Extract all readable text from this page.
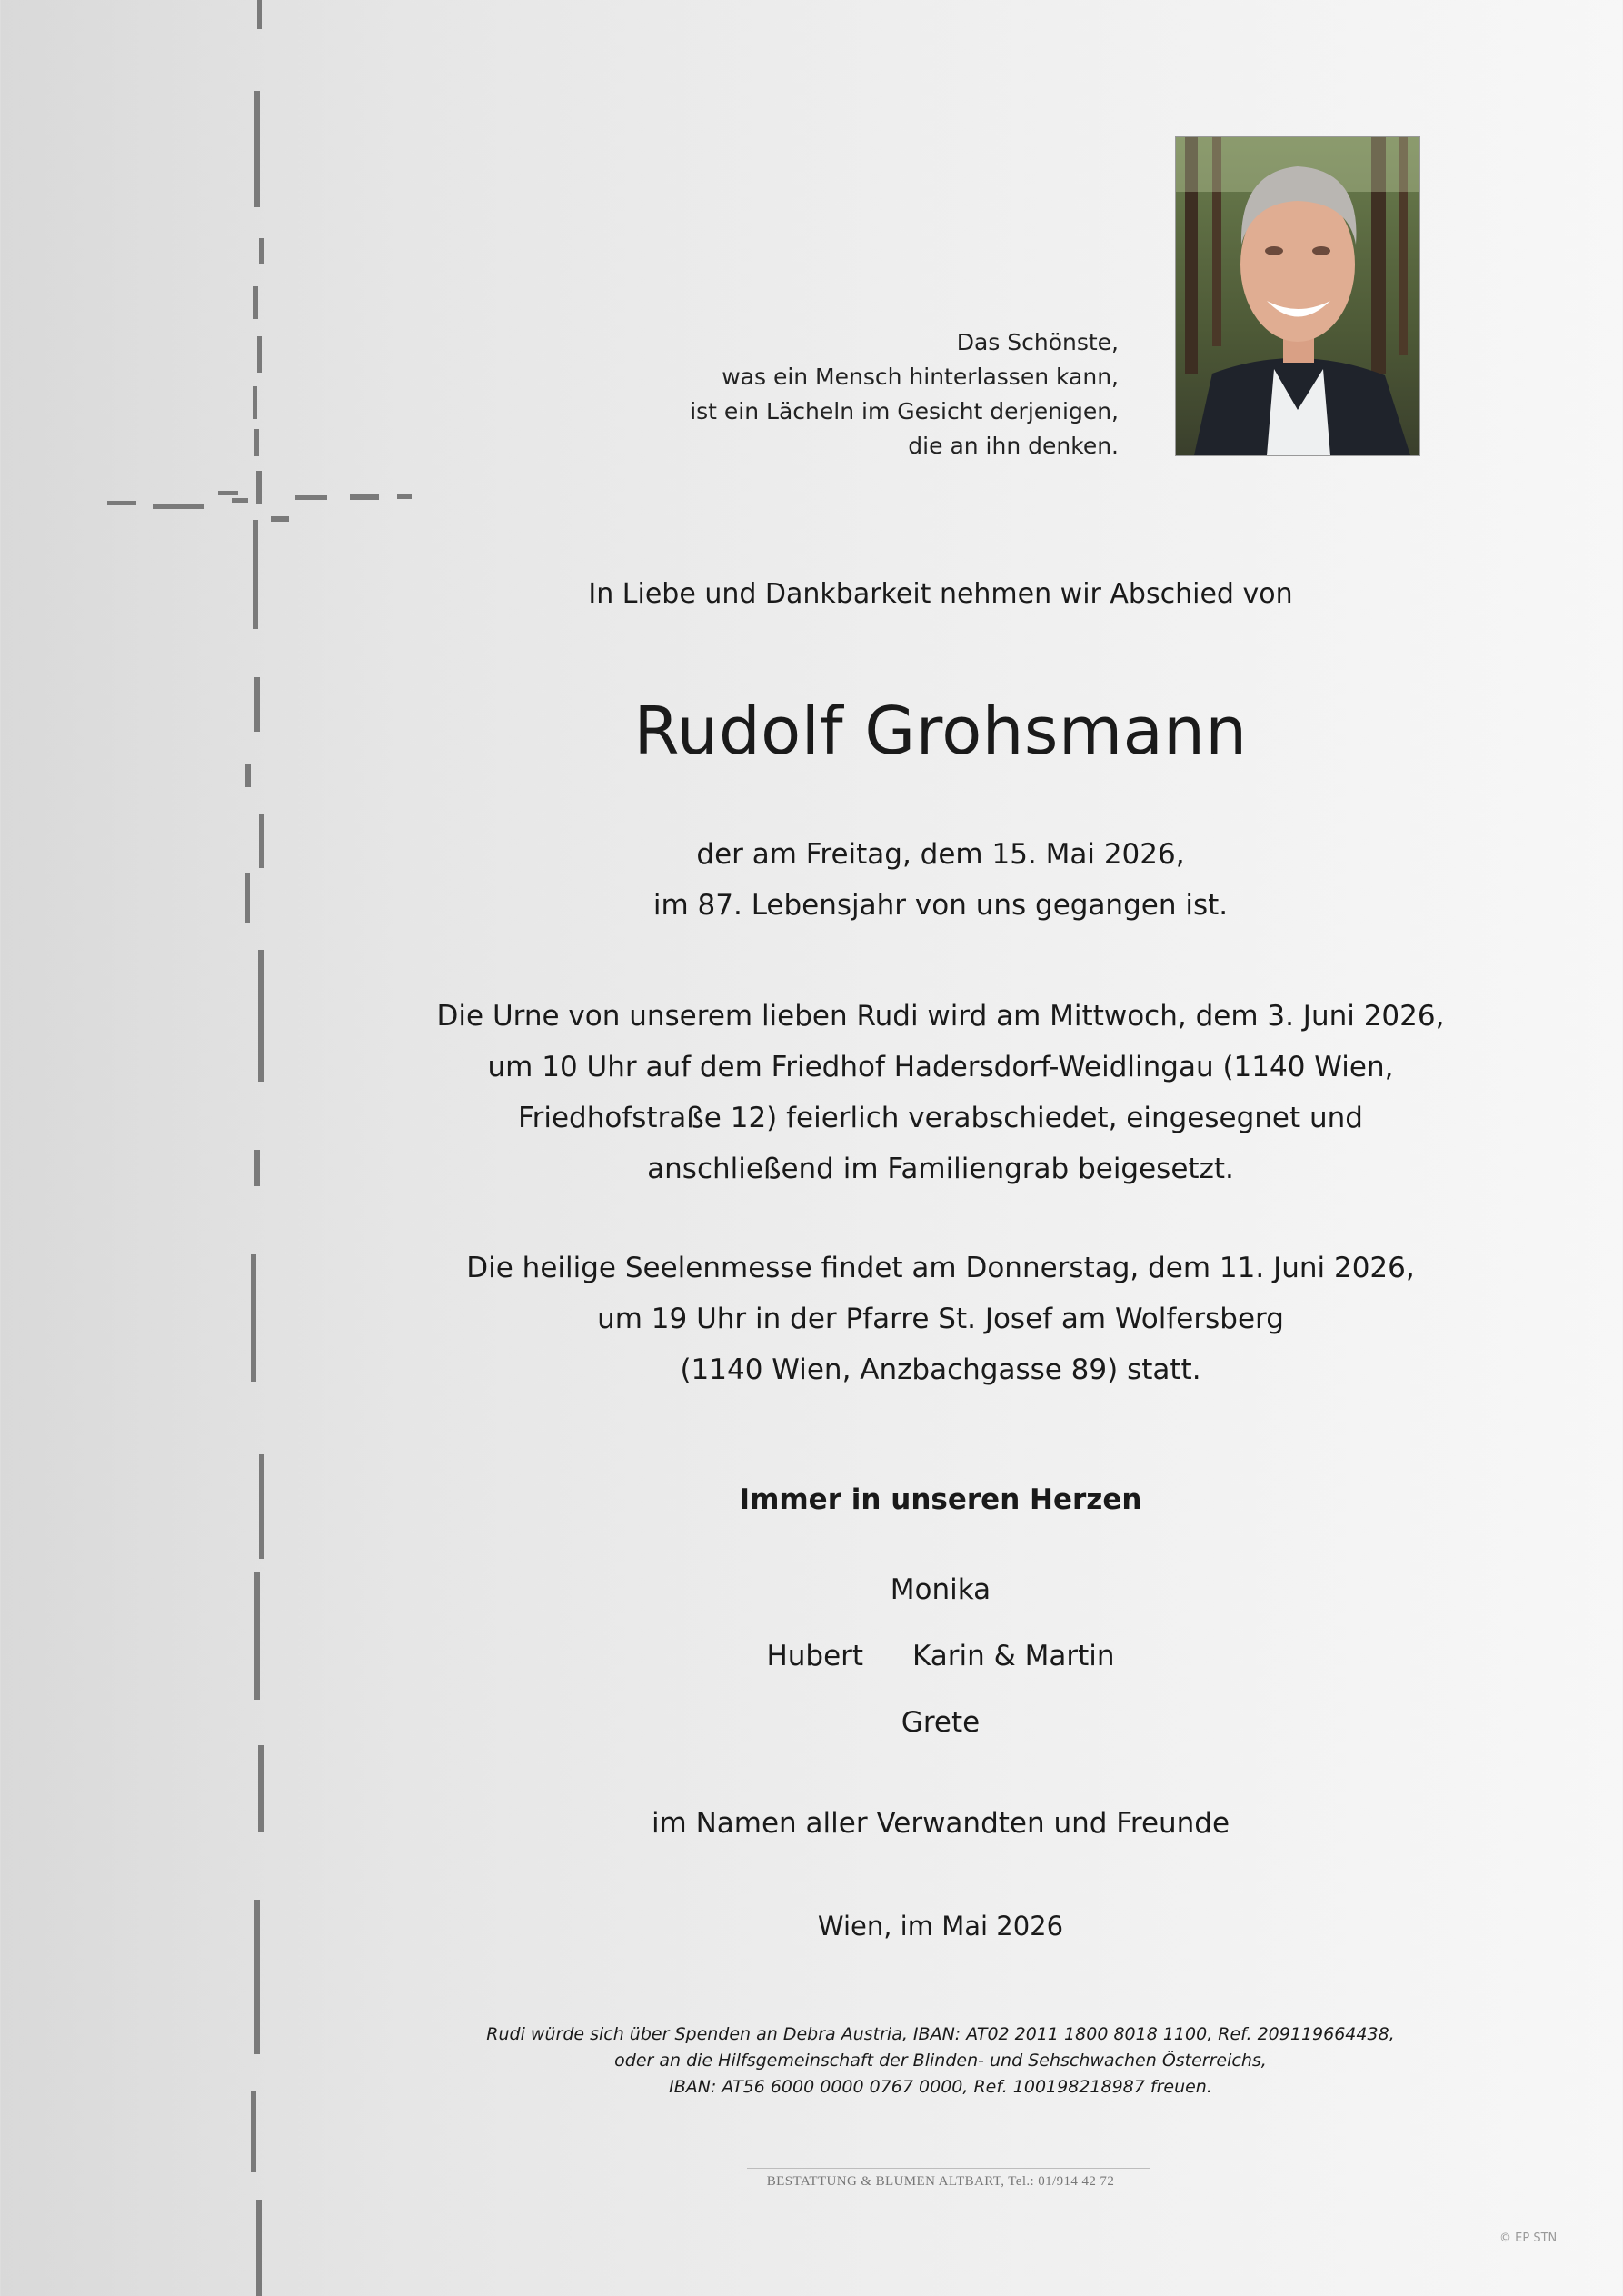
Das Schönste,
was ein Mensch hinterlassen kann,
ist ein Lächeln im Gesicht derjenigen,
die an ihn denken.
In Liebe und Dankbarkeit nehmen wir Abschied von
Rudolf Grohsmann
der am Freitag, dem 15. Mai 2026,
im 87. Lebensjahr von uns gegangen ist.
Die Urne von unserem lieben Rudi wird am Mittwoch, dem 3. Juni 2026,
um 10 Uhr auf dem Friedhof Hadersdorf-Weidlingau (1140 Wien,
Friedhofstraße 12) feierlich verabschiedet, eingesegnet und
anschließend im Familiengrab beigesetzt.
Die heilige Seelenmesse findet am Donnerstag, dem 11. Juni 2026,
um 19 Uhr in der Pfarre St. Josef am Wolfersberg
(1140 Wien, Anzbachgasse 89) statt.
Immer in unseren Herzen
Monika
Hubert Karin & Martin
Grete
im Namen aller Verwandten und Freunde
Wien, im Mai 2026
Rudi würde sich über Spenden an Debra Austria, IBAN: AT02 2011 1800 8018 1100, Ref. 209119664438,
oder an die Hilfsgemeinschaft der Blinden- und Sehschwachen Österreichs,
IBAN: AT56 6000 0000 0767 0000, Ref. 100198218987 freuen.
BESTATTUNG & BLUMEN ALTBART, Tel.: 01/914 42 72
© EP STN
